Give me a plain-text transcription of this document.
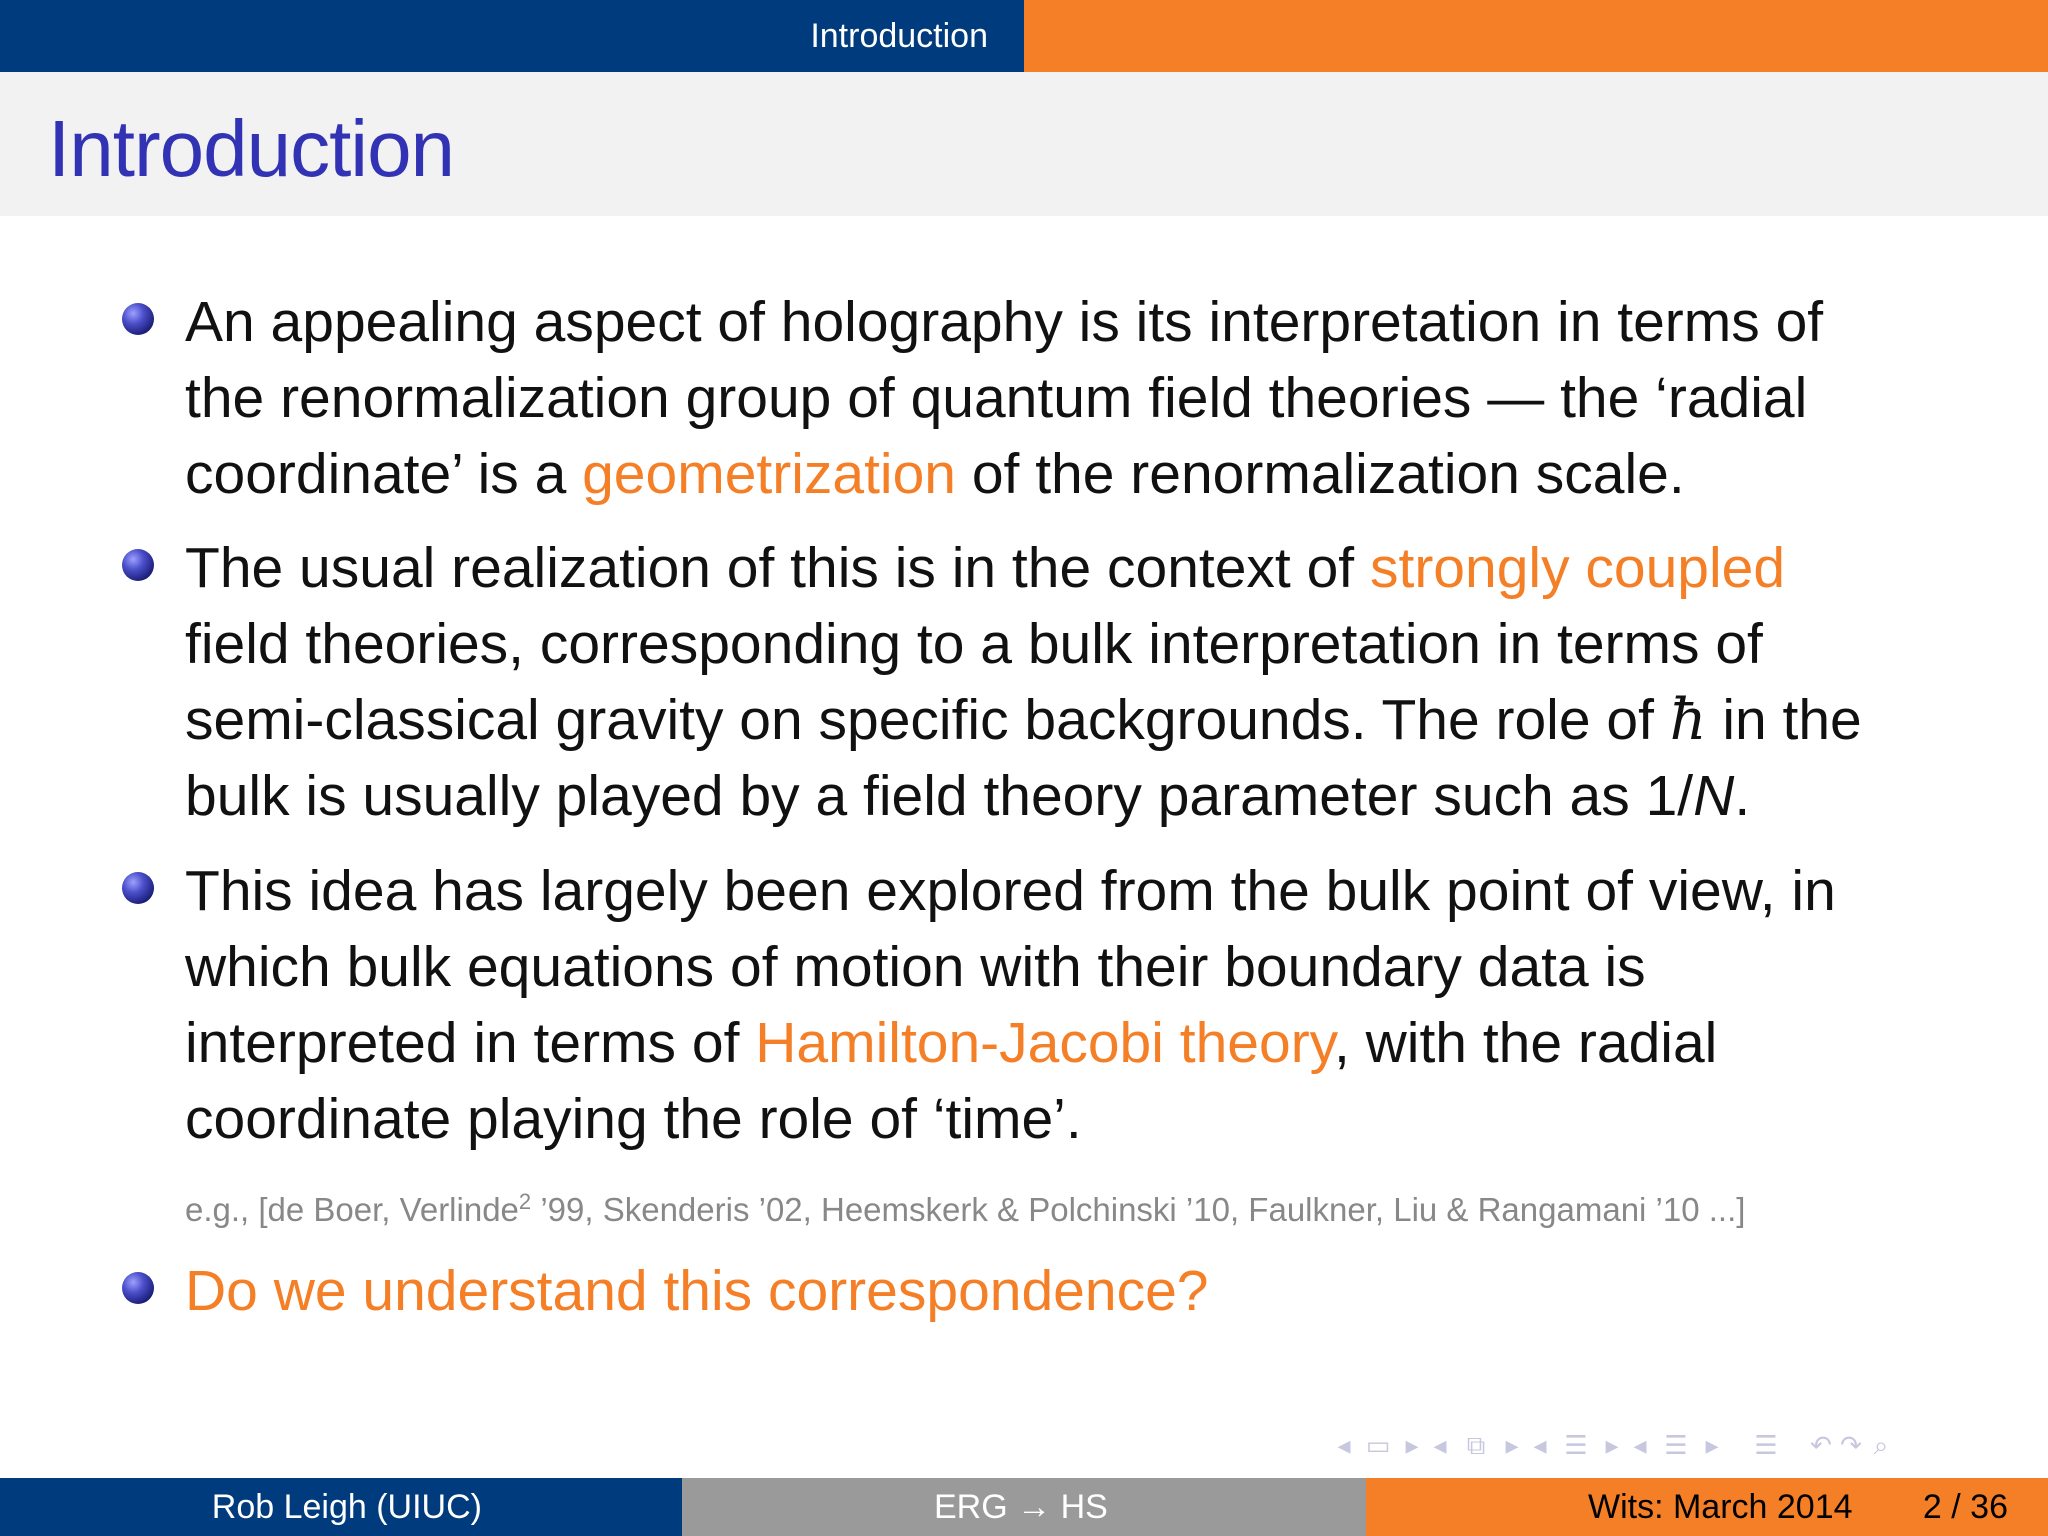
Introduction
Introduction
An appealing aspect of holography is its interpretation in terms of
the renormalization group of quantum field theories — the ‘radial
coordinate’ is a geometrization of the renormalization scale.
The usual realization of this is in the context of strongly coupled
field theories, corresponding to a bulk interpretation in terms of
semi-classical gravity on specific backgrounds. The role of ħ in the
bulk is usually played by a field theory parameter such as 1/N.
This idea has largely been explored from the bulk point of view, in
which bulk equations of motion with their boundary data is
interpreted in terms of Hamilton-Jacobi theory, with the radial
coordinate playing the role of ‘time’.
e.g., [de Boer, Verlinde$^2$ ’99, Skenderis ’02, Heemskerk & Polchinski ’10, Faulkner, Liu & Rangamani ’10 ...]
Do we understand this correspondence?
◂ ▭ ▸ ◂ ⧉ ▸ ◂ ☰ ▸ ◂ ☰ ▸	☰	↶ ↷ ⌕
Rob Leigh (UIUC)	ERG → HS	Wits: March 2014 2 / 36
